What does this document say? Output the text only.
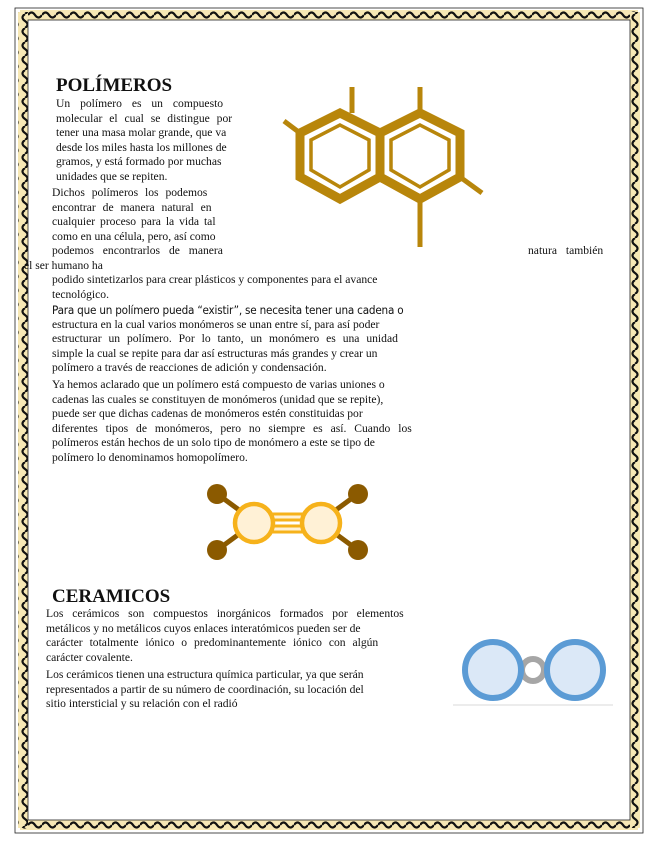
POLÍMEROS
Un polímero es un compuesto
molecular el cual se distingue por
tener una masa molar grande, que va
desde los miles hasta los millones de
gramos, y está formado por muchas
unidades que se repiten.
Dichos polímeros los podemos
encontrar de manera natural en
cualquier proceso para la vida tal
como en una célula, pero, así como
podemos encontrarlos de manera	natura también
el ser humano ha
podido sintetizarlos para crear plásticos y componentes para el avance
tecnológico.
Para que un polímero pueda “existir”, se necesita tener una cadena o
estructura en la cual varios monómeros se unan entre sí, para así poder
estructurar un polímero. Por lo tanto, un monómero es una unidad
simple la cual se repite para dar así estructuras más grandes y crear un
polímero a través de reacciones de adición y condensación.
Ya hemos aclarado que un polímero está compuesto de varias uniones o
cadenas las cuales se constituyen de monómeros (unidad que se repite),
puede ser que dichas cadenas de monómeros estén constituidas por
diferentes tipos de monómeros, pero no siempre es así. Cuando los
polímeros están hechos de un solo tipo de monómero a este se tipo de
polímero lo denominamos homopolímero.
CERAMICOS
Los cerámicos son compuestos inorgánicos formados por elementos
metálicos y no metálicos cuyos enlaces interatómicos pueden ser de
carácter totalmente iónico o predominantemente iónico con algún
carácter covalente.
Los cerámicos tienen una estructura química particular, ya que serán
representados a partir de su número de coordinación, su locación del
sitio intersticial y su relación con el radió
